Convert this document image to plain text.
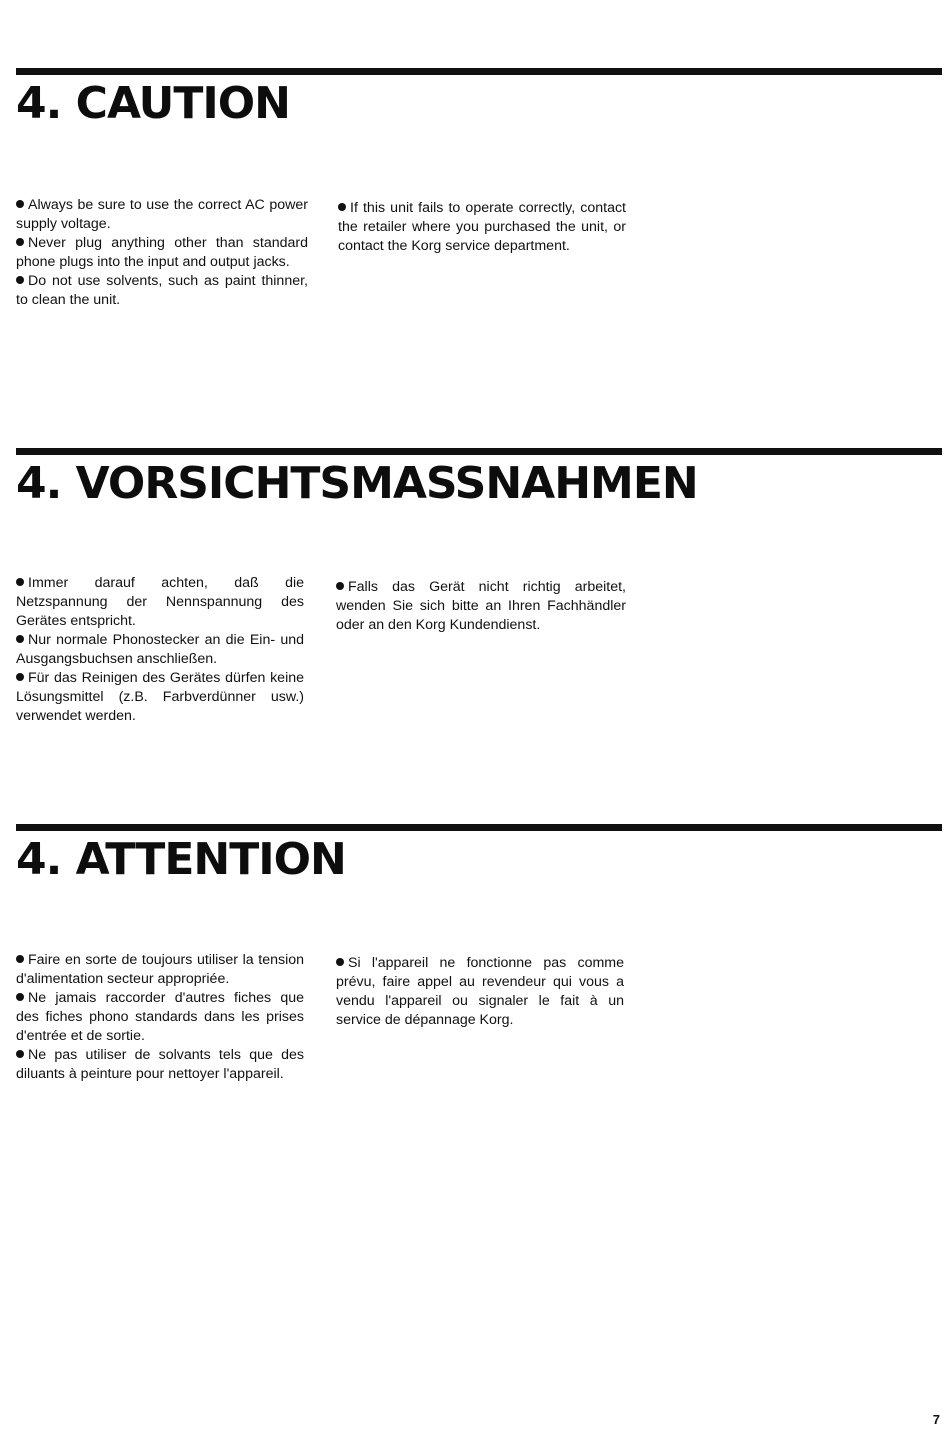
4. CAUTION

Always be sure to use the correct AC power supply voltage.

Never plug anything other than standard phone plugs into the input and output jacks.

Do not use solvents, such as paint thinner, to clean the unit.

If this unit fails to operate correctly, contact the retailer where you purchased the unit, or contact the Korg service department.

4. VORSICHTSMASSNAHMEN

Immer darauf achten, daß die Netzspannung der Nennspannung des Gerätes entspricht.

Nur normale Phonostecker an die Ein- und Ausgangsbuchsen anschließen.

Für das Reinigen des Gerätes dürfen keine Lösungsmittel (z.B. Farbverdünner usw.) verwendet werden.

Falls das Gerät nicht richtig arbeitet, wenden Sie sich bitte an Ihren Fachhändler oder an den Korg Kundendienst.

4. ATTENTION

Faire en sorte de toujours utiliser la tension d'alimentation secteur appropriée.

Ne jamais raccorder d'autres fiches que des fiches phono standards dans les prises d'entrée et de sortie.

Ne pas utiliser de solvants tels que des diluants à peinture pour nettoyer l'appareil.

Si l'appareil ne fonctionne pas comme prévu, faire appel au revendeur qui vous a vendu l'appareil ou signaler le fait à un service de dépannage Korg.

7
